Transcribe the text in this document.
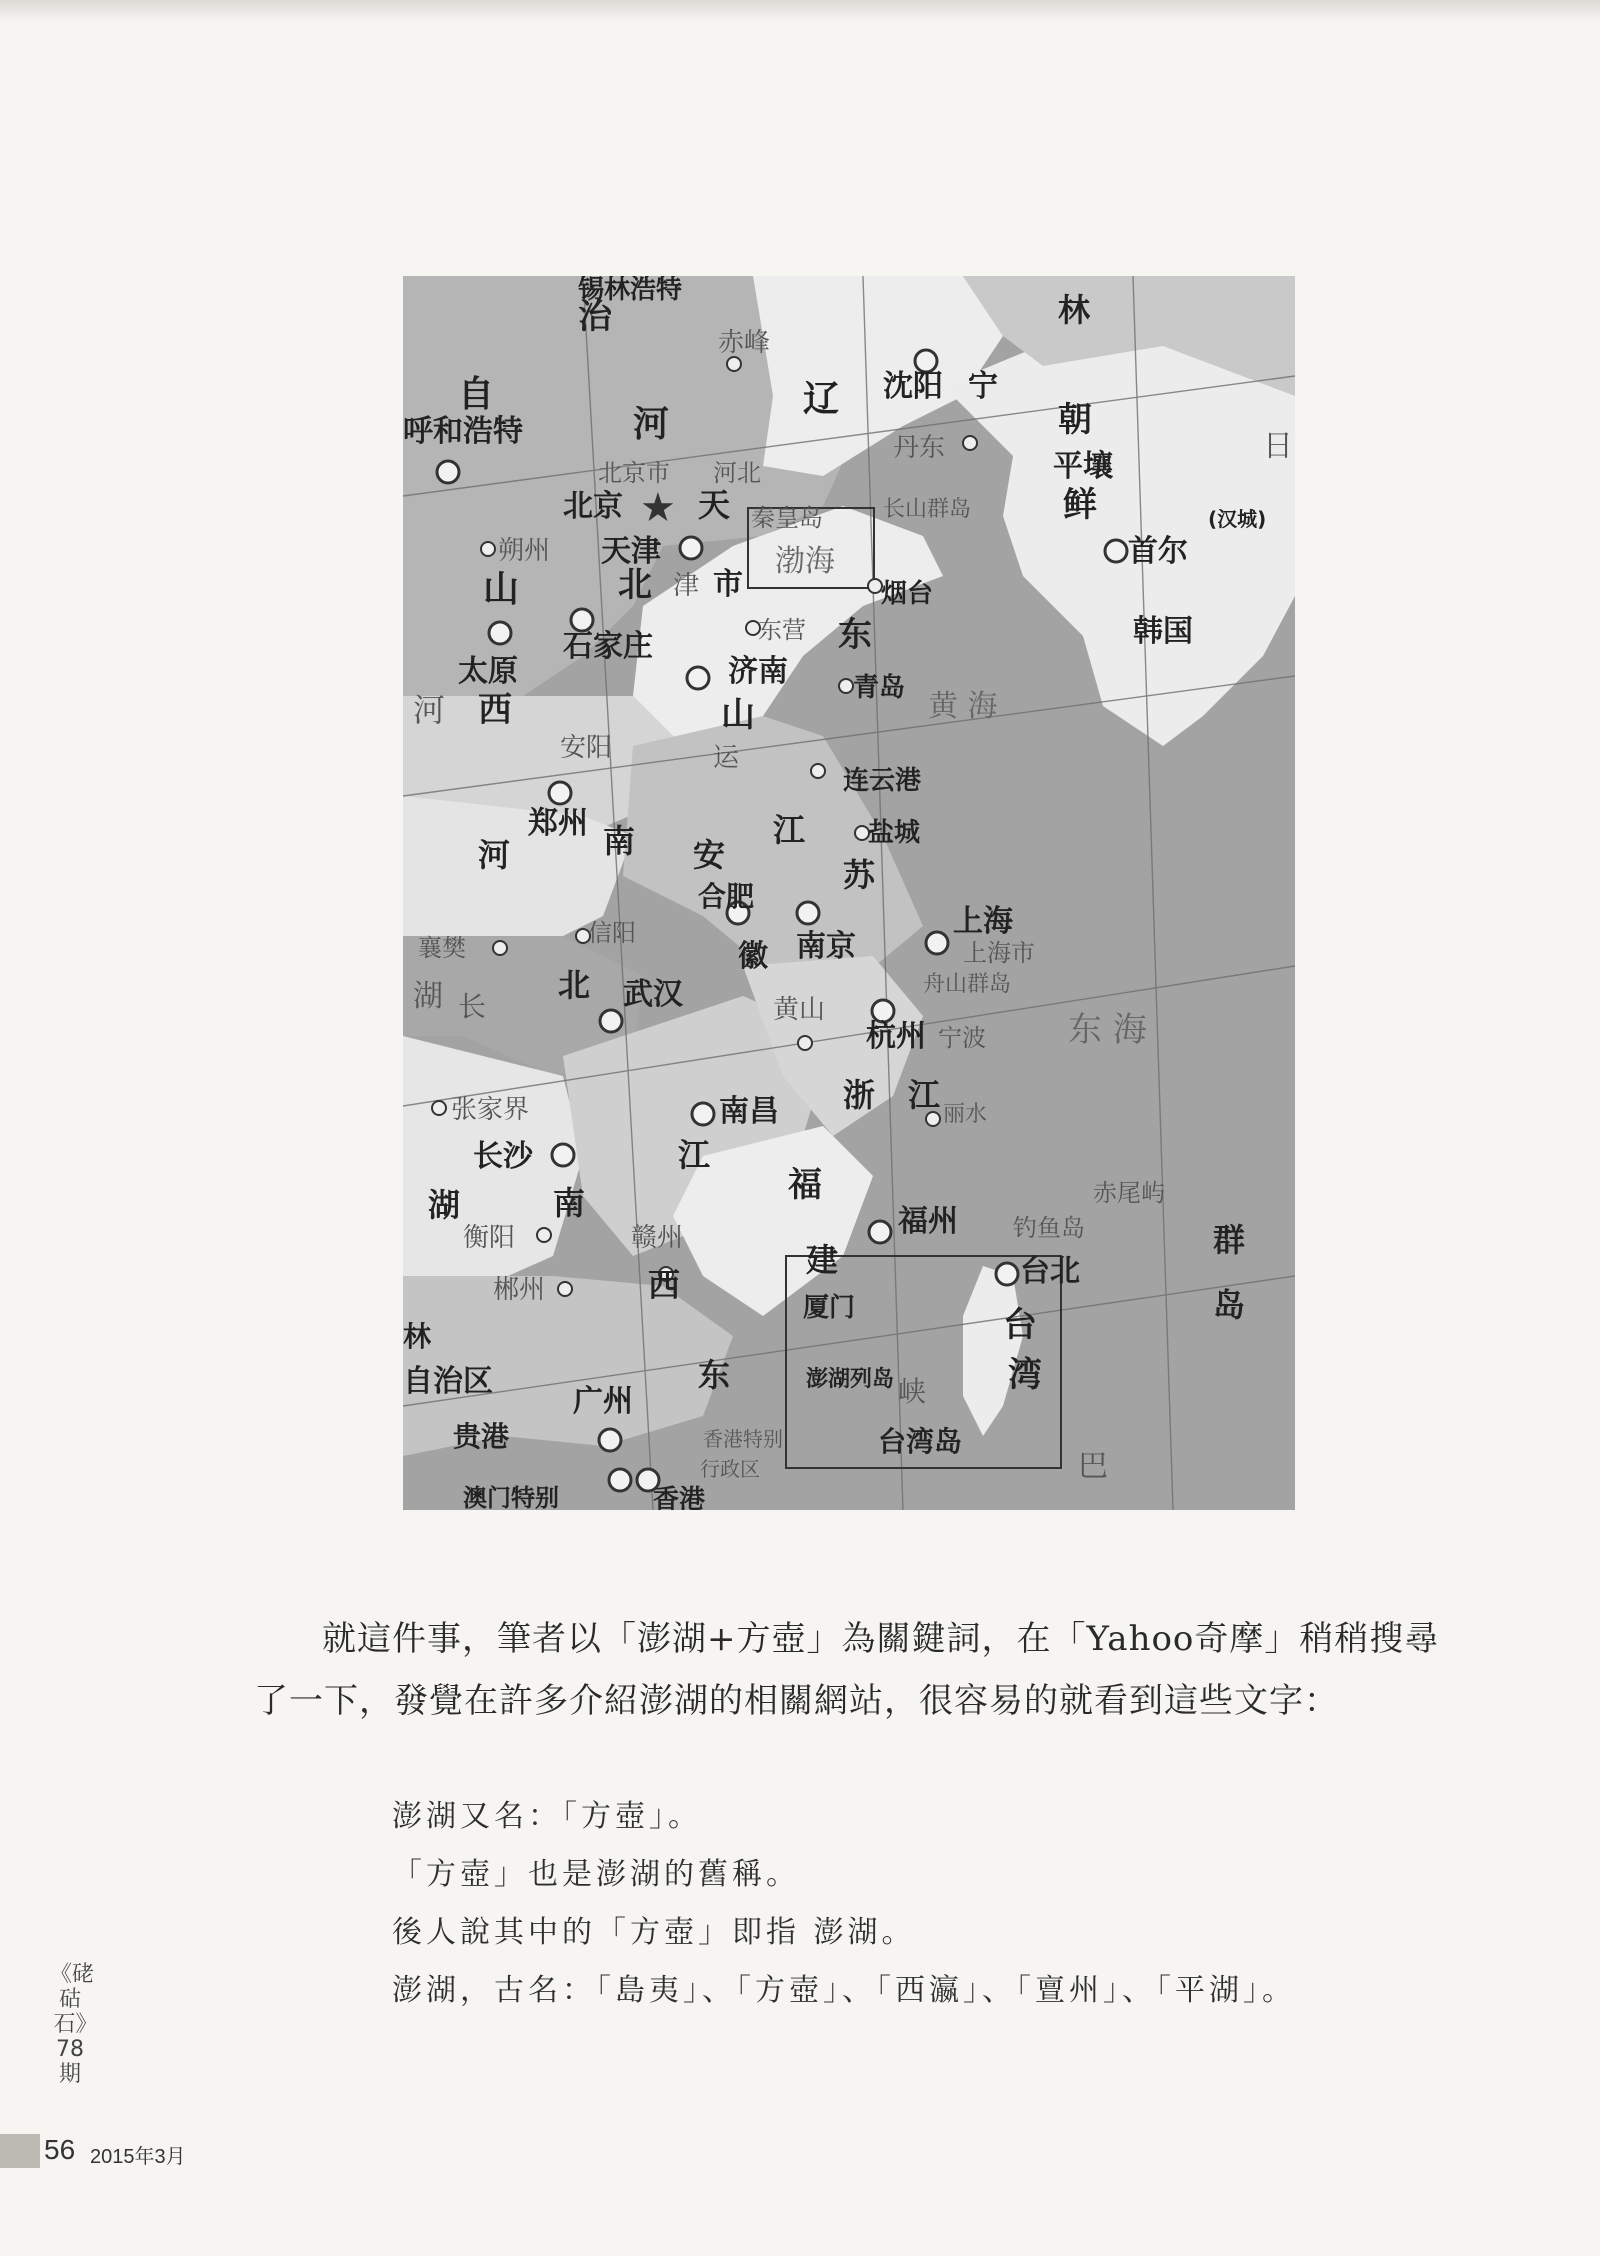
★
锡林浩特
治	林
赤峰
自
呼和浩特	河
辽 沈阳 宁
丹东
朝
平壤
鲜
北京市 河北
北京 天 秦皇岛	长山群岛
首尔
(汉城)
朔州 天津
北 津 市
渤海
烟台
山
石家庄	东营 东	韩国
太原	济南	青岛
河 西
安阳
山
运
黄 海
连云港
郑州 南	江 盐城
河	安
苏
合肥
南京
上海
上海市
襄樊
信阳
徽
湖 长
北 武汉	黄山
舟山群岛
杭州 宁波 东 海
张家界	南昌 浙 江
丽水
长沙	江
福	赤尾屿
湖	南	福州 钓鱼岛	群
衡阳	赣州
建	台北
郴州	西
厦门	台	岛
林
自治区	东	澎湖列岛 峡 湾
广州
台湾岛
贵港	香港特别
行政区
澳门特别	香港
巴
日

就這件事，筆者以「澎湖+方壺」為關鍵詞，在「Yahoo奇摩」稍稍搜尋了一下，發覺在許多介紹澎湖的相關網站，很容易的就看到這些文字：

澎湖又名：「方壺」。
「方壺」也是澎湖的舊稱。
後人說其中的「方壺」即指 澎湖。
澎湖，古名：「島夷」、「方壺」、「西瀛」、「亶州」、「平湖」。
《硓𥑮石》78期
56 2015年3月
